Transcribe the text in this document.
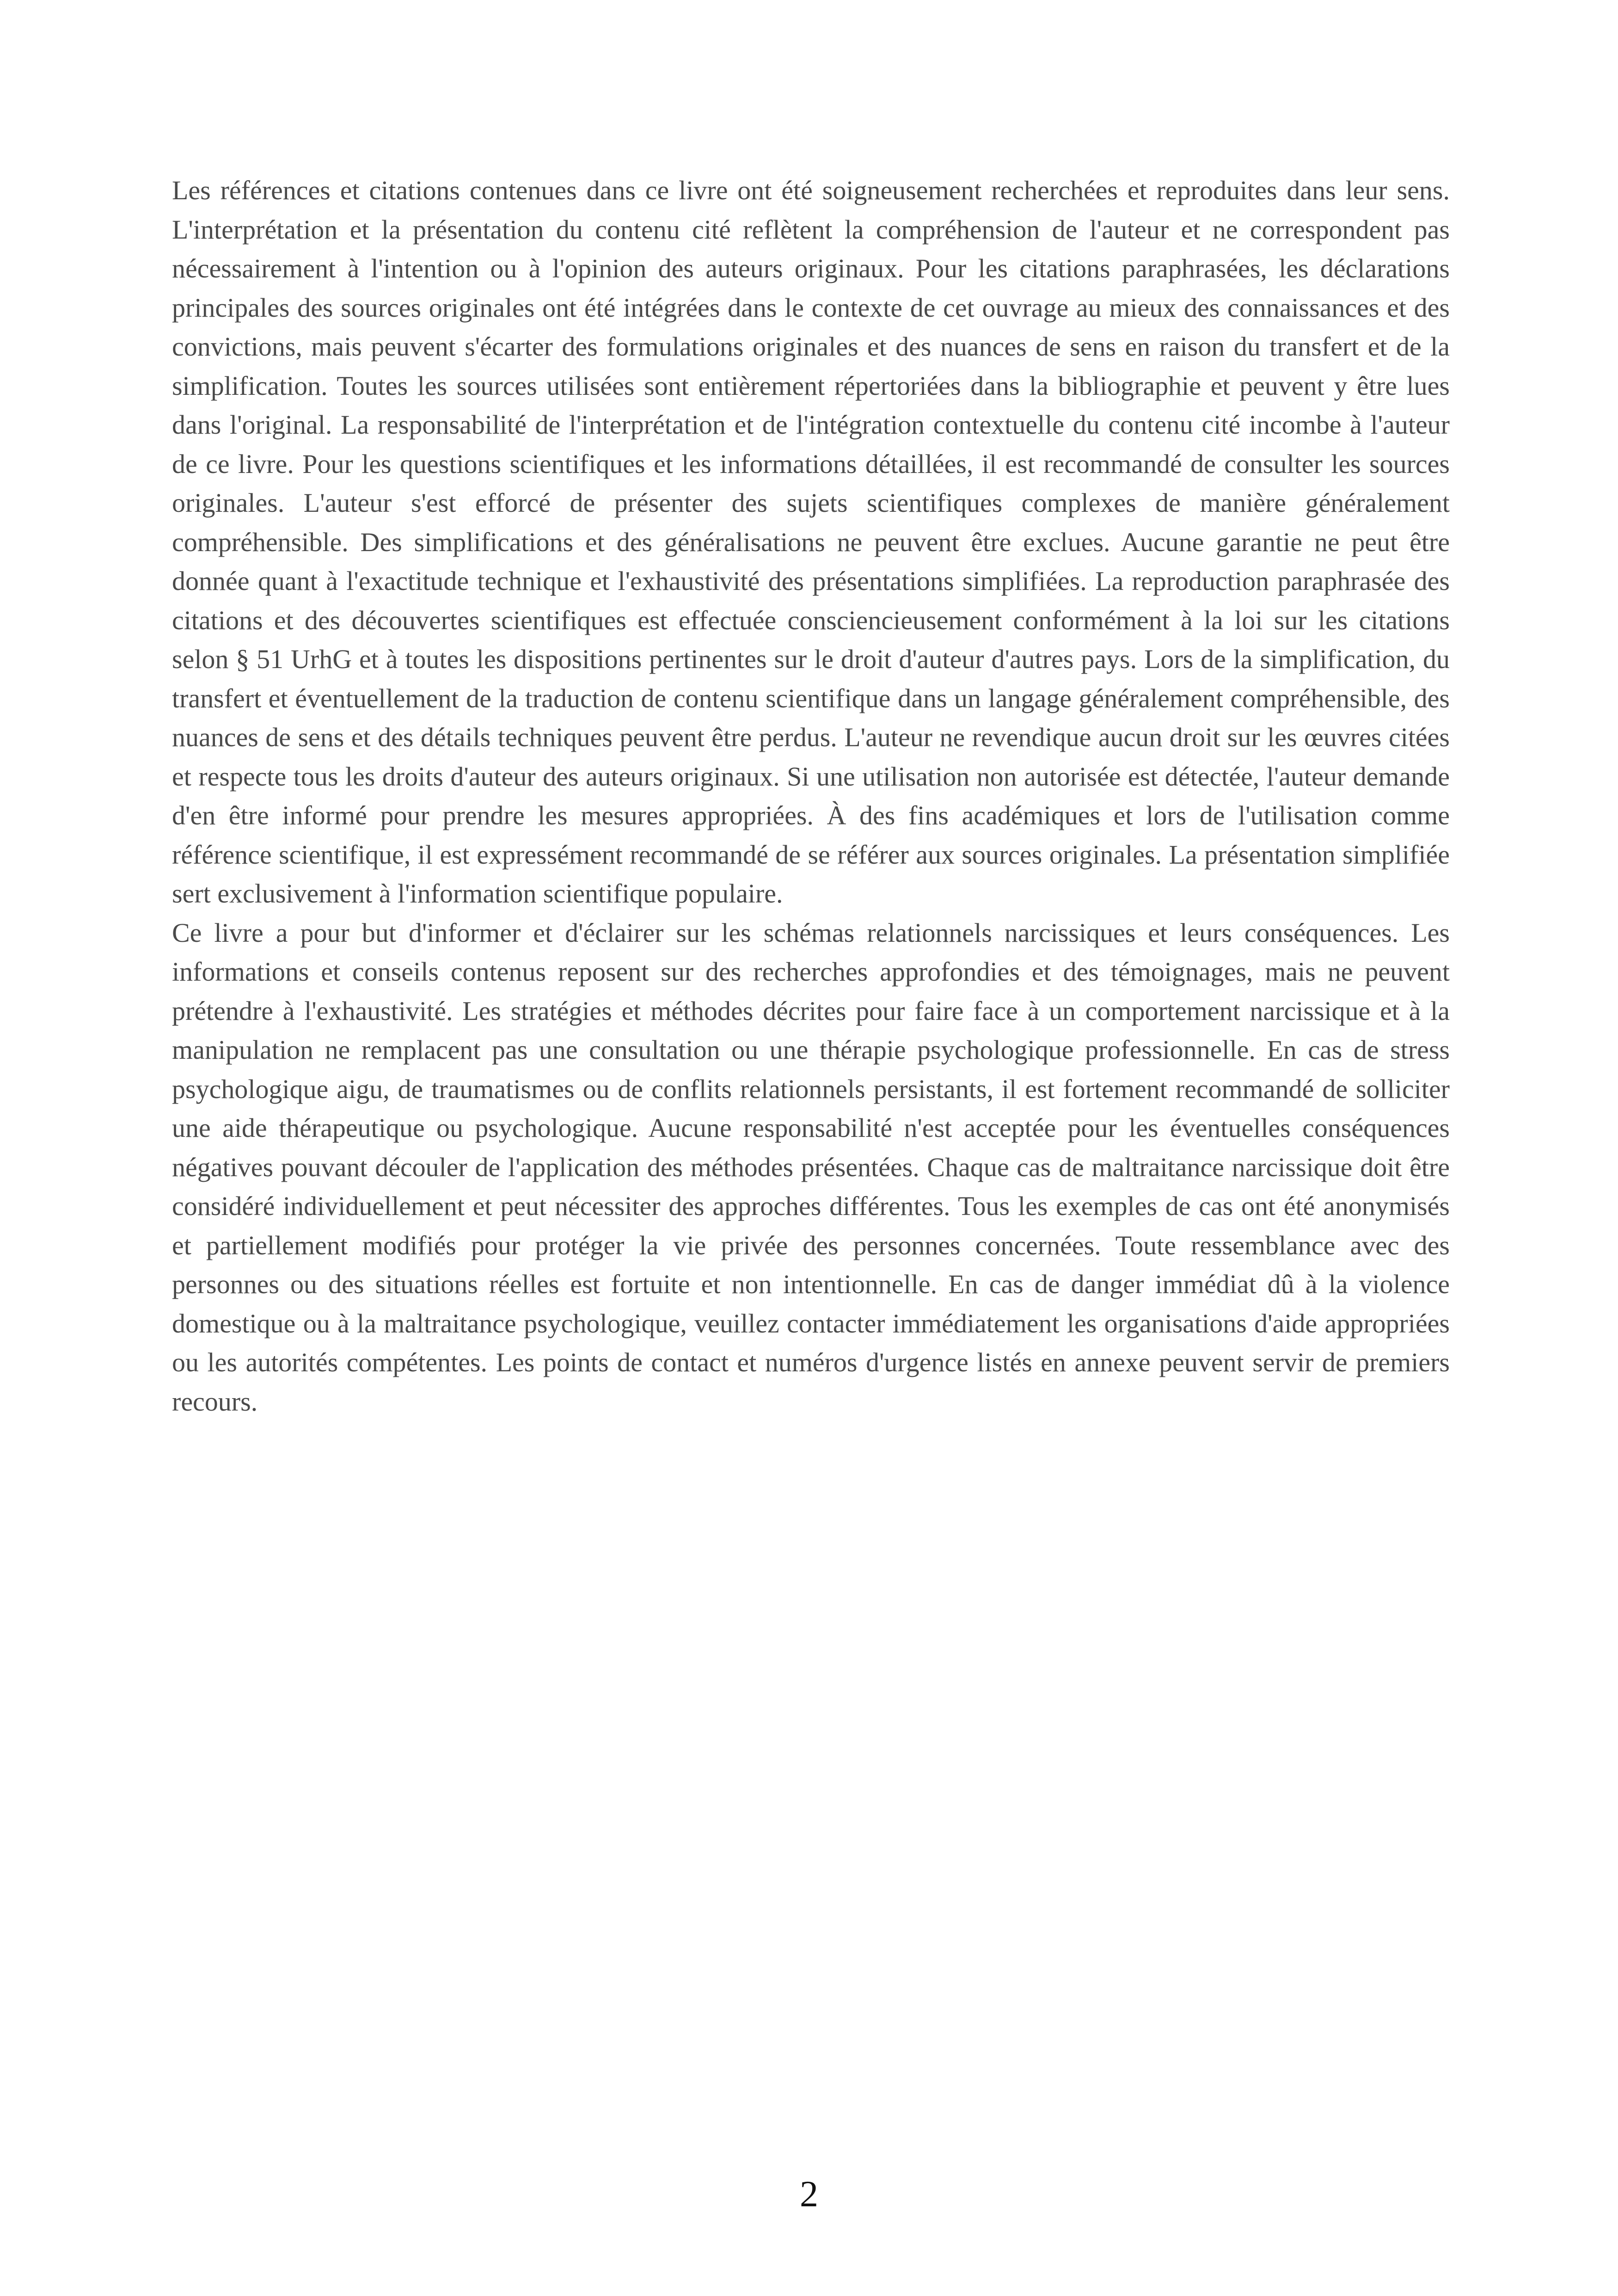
Les références et citations contenues dans ce livre ont été soigneusement recherchées et reproduites dans leur sens. L'interprétation et la présentation du contenu cité reflètent la compréhension de l'auteur et ne correspondent pas nécessairement à l'intention ou à l'opinion des auteurs originaux. Pour les citations paraphrasées, les déclarations principales des sources originales ont été intégrées dans le contexte de cet ouvrage au mieux des connaissances et des convictions, mais peuvent s'écarter des formulations originales et des nuances de sens en raison du transfert et de la simplification. Toutes les sources utilisées sont entièrement répertoriées dans la bibliographie et peuvent y être lues dans l'original. La responsabilité de l'interprétation et de l'intégration contextuelle du contenu cité incombe à l'auteur de ce livre. Pour les questions scientifiques et les informations détaillées, il est recommandé de consulter les sources originales. L'auteur s'est efforcé de présenter des sujets scientifiques complexes de manière généralement compréhensible. Des simplifications et des généralisations ne peuvent être exclues. Aucune garantie ne peut être donnée quant à l'exactitude technique et l'exhaustivité des présentations simplifiées. La reproduction paraphrasée des citations et des découvertes scientifiques est effectuée consciencieusement conformément à la loi sur les citations selon § 51 UrhG et à toutes les dispositions pertinentes sur le droit d'auteur d'autres pays. Lors de la simplification, du transfert et éventuellement de la traduction de contenu scientifique dans un langage généralement compréhensible, des nuances de sens et des détails techniques peuvent être perdus. L'auteur ne revendique aucun droit sur les œuvres citées et respecte tous les droits d'auteur des auteurs originaux. Si une utilisation non autorisée est détectée, l'auteur demande d'en être informé pour prendre les mesures appropriées. À des fins académiques et lors de l'utilisation comme référence scientifique, il est expressément recommandé de se référer aux sources originales. La présentation simplifiée sert exclusivement à l'information scientifique populaire.

Ce livre a pour but d'informer et d'éclairer sur les schémas relationnels narcissiques et leurs conséquences. Les informations et conseils contenus reposent sur des recherches approfondies et des témoignages, mais ne peuvent prétendre à l'exhaustivité. Les stratégies et méthodes décrites pour faire face à un comportement narcissique et à la manipulation ne remplacent pas une consultation ou une thérapie psychologique professionnelle. En cas de stress psychologique aigu, de traumatismes ou de conflits relationnels persistants, il est fortement recommandé de solliciter une aide thérapeutique ou psychologique. Aucune responsabilité n'est acceptée pour les éventuelles conséquences négatives pouvant découler de l'application des méthodes présentées. Chaque cas de maltraitance narcissique doit être considéré individuellement et peut nécessiter des approches différentes. Tous les exemples de cas ont été anonymisés et partiellement modifiés pour protéger la vie privée des personnes concernées. Toute ressemblance avec des personnes ou des situations réelles est fortuite et non intentionnelle. En cas de danger immédiat dû à la violence domestique ou à la maltraitance psychologique, veuillez contacter immédiatement les organisations d'aide appropriées ou les autorités compétentes. Les points de contact et numéros d'urgence listés en annexe peuvent servir de premiers recours.

2
